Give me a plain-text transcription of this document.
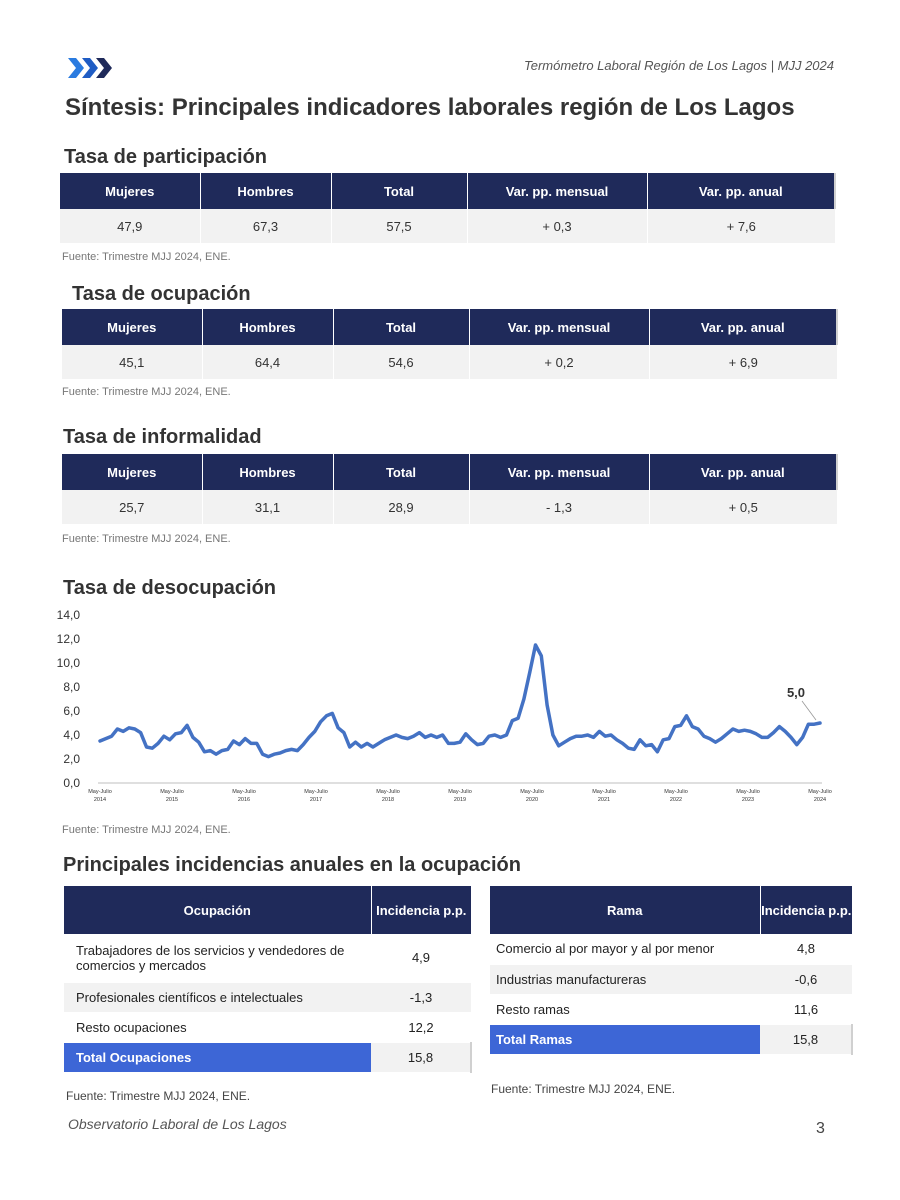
Termómetro Laboral Región de Los Lagos | MJJ 2024
Síntesis: Principales indicadores laborales región de Los Lagos
Tasa de participación
Mujeres	Hombres	Total	Var. pp. mensual	Var. pp. anual
47,9	67,3	57,5	+ 0,3	+ 7,6
Fuente: Trimestre MJJ 2024, ENE.
Tasa de ocupación
Mujeres	Hombres	Total	Var. pp. mensual	Var. pp. anual
45,1	64,4	54,6	+ 0,2	+ 6,9
Fuente: Trimestre MJJ 2024, ENE.
Tasa de informalidad
Mujeres	Hombres	Total	Var. pp. mensual	Var. pp. anual
25,7	31,1	28,9	- 1,3	+ 0,5
Fuente: Trimestre MJJ 2024, ENE.
Tasa de desocupación
0,0
2,0
4,0
6,0
8,0
10,0
12,0
14,0
May-Julio
2014
May-Julio
2015
May-Julio
2016
May-Julio
2017
May-Julio
2018
May-Julio
2019
May-Julio
2020
May-Julio
2021
May-Julio
2022
May-Julio
2023
May-Julio
2024
5,0
Fuente: Trimestre MJJ 2024, ENE.
Principales incidencias anuales en la ocupación
Ocupación	Incidencia p.p.
Trabajadores de los servicios y vendedores de comercios y mercados	4,9
Profesionales científicos e intelectuales	-1,3
Resto ocupaciones	12,2
Total Ocupaciones	15,8
Fuente: Trimestre MJJ 2024, ENE.
Rama	Incidencia p.p.
Comercio al por mayor y al por menor	4,8
Industrias manufactureras	-0,6
Resto ramas	11,6
Total Ramas	15,8
Fuente: Trimestre MJJ 2024, ENE.
Observatorio Laboral de Los Lagos	3
